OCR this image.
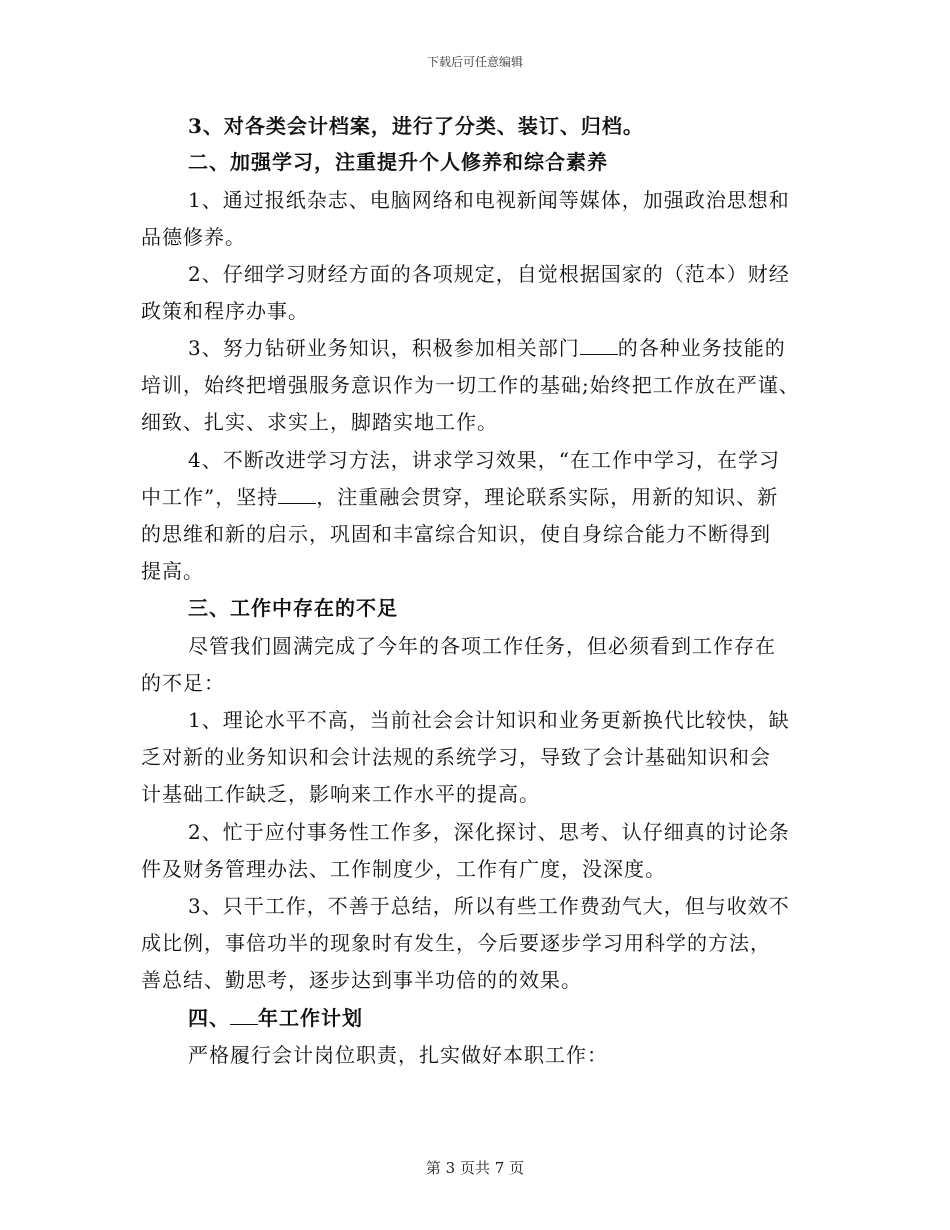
下载后可任意编辑
3、对各类会计档案，进行了分类、装订、归档。
二、加强学习，注重提升个人修养和综合素养
1、通过报纸杂志、电脑网络和电视新闻等媒体，加强政治思想和
品德修养。
2、仔细学习财经方面的各项规定，自觉根据国家的（范本）财经
政策和程序办事。
3、努力钻研业务知识，积极参加相关部门 的各种业务技能的
培训，始终把增强服务意识作为一切工作的基础;始终把工作放在严谨、
细致、扎实、求实上，脚踏实地工作。
4、不断改进学习方法，讲求学习效果，“在工作中学习，在学习
中工作”，坚持 ，注重融会贯穿，理论联系实际，用新的知识、新
的思维和新的启示，巩固和丰富综合知识，使自身综合能力不断得到
提高。
三、工作中存在的不足
尽管我们圆满完成了今年的各项工作任务，但必须看到工作存在
的不足：
1、理论水平不高，当前社会会计知识和业务更新换代比较快，缺
乏对新的业务知识和会计法规的系统学习，导致了会计基础知识和会
计基础工作缺乏，影响来工作水平的提高。
2、忙于应付事务性工作多，深化探讨、思考、认仔细真的讨论条
件及财务管理办法、工作制度少，工作有广度，没深度。
3、只干工作，不善于总结，所以有些工作费劲气大，但与收效不
成比例，事倍功半的现象时有发生，今后要逐步学习用科学的方法，
善总结、勤思考，逐步达到事半功倍的的效果。
四、 年工作计划
严格履行会计岗位职责，扎实做好本职工作：
第 3 页共 7 页
